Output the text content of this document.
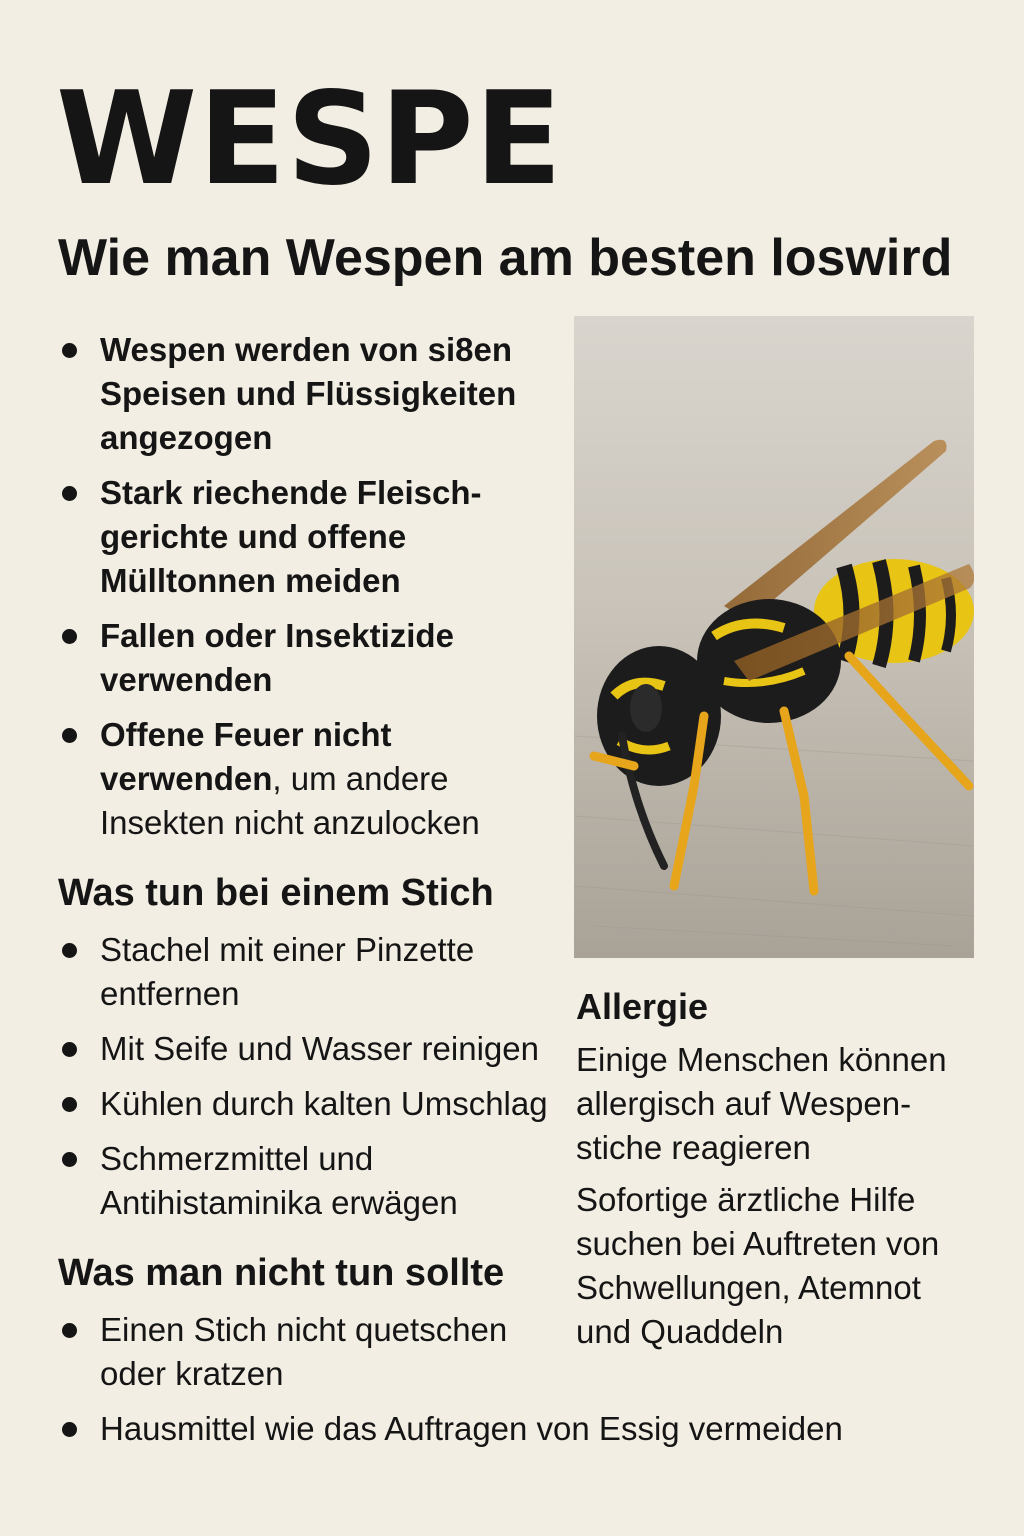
WESPE
Wie man Wespen am besten loswird
Wespen werden von si8en Speisen und Flüssigkeiten angezogen
Stark riechende Fleisch-gerichte und offene Mülltonnen meiden
Fallen oder Insektizide verwenden
Offene Feuer nicht verwenden, um andere Insekten nicht anzulocken
Was tun bei einem Stich
Stachel mit einer Pinzette entfernen
Mit Seife und Wasser reinigen
Kühlen durch kalten Umschlag
Schmerzmittel und Antihistaminika erwägen
Was man nicht tun sollte
Einen Stich nicht quetschen oder kratzen
Hausmittel wie das Auftragen von Essig vermeiden
Allergie

Einige Menschen können allergisch auf Wespen-stiche reagieren

Sofortige ärztliche Hilfe suchen bei Auftreten von Schwellungen, Atemnot und Quaddeln
